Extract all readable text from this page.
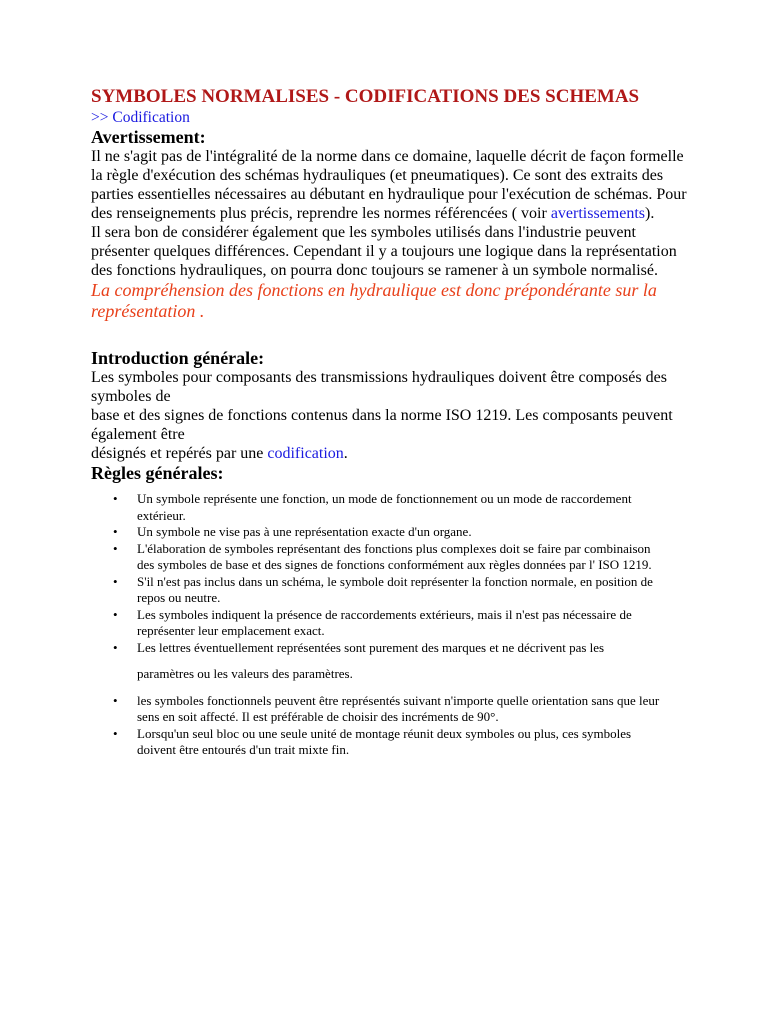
SYMBOLES NORMALISES - CODIFICATIONS DES SCHEMAS
>> Codification
Avertissement:

Il ne s'agit pas de l'intégralité de la norme dans ce domaine, laquelle décrit de façon formelle la règle d'exécution des schémas hydrauliques (et pneumatiques). Ce sont des extraits des parties essentielles nécessaires au débutant en hydraulique pour l'exécution de schémas. Pour des renseignements plus précis, reprendre les normes référencées ( voir avertissements).

Il sera bon de considérer également que les symboles utilisés dans l'industrie peuvent présenter quelques différences. Cependant il y a toujours une logique dans la représentation des fonctions hydrauliques, on pourra donc toujours se ramener à un symbole normalisé.

La compréhension des fonctions en hydraulique est donc prépondérante sur la représentation .

Introduction générale:

Les symboles pour composants des transmissions hydrauliques doivent être composés des symboles de

base et des signes de fonctions contenus dans la norme ISO 1219. Les composants peuvent également être

désignés et repérés par une codification.

Règles générales:
• Un symbole représente une fonction, un mode de fonctionnement ou un mode de raccordement extérieur.
• Un symbole ne vise pas à une représentation exacte d'un organe.
• L'élaboration de symboles représentant des fonctions plus complexes doit se faire par combinaison des symboles de base et des signes de fonctions conformément aux règles données par l' ISO 1219.
• S'il n'est pas inclus dans un schéma, le symbole doit représenter la fonction normale, en position de repos ou neutre.
• Les symboles indiquent la présence de raccordements extérieurs, mais il n'est pas nécessaire de représenter leur emplacement exact.
• Les lettres éventuellement représentées sont purement des marques et ne décrivent pas les
paramètres ou les valeurs des paramètres.
• les symboles fonctionnels peuvent être représentés suivant n'importe quelle orientation sans que leur sens en soit affecté. Il est préférable de choisir des incréments de 90°.
• Lorsqu'un seul bloc ou une seule unité de montage réunit deux symboles ou plus, ces symboles doivent être entourés d'un trait mixte fin.
